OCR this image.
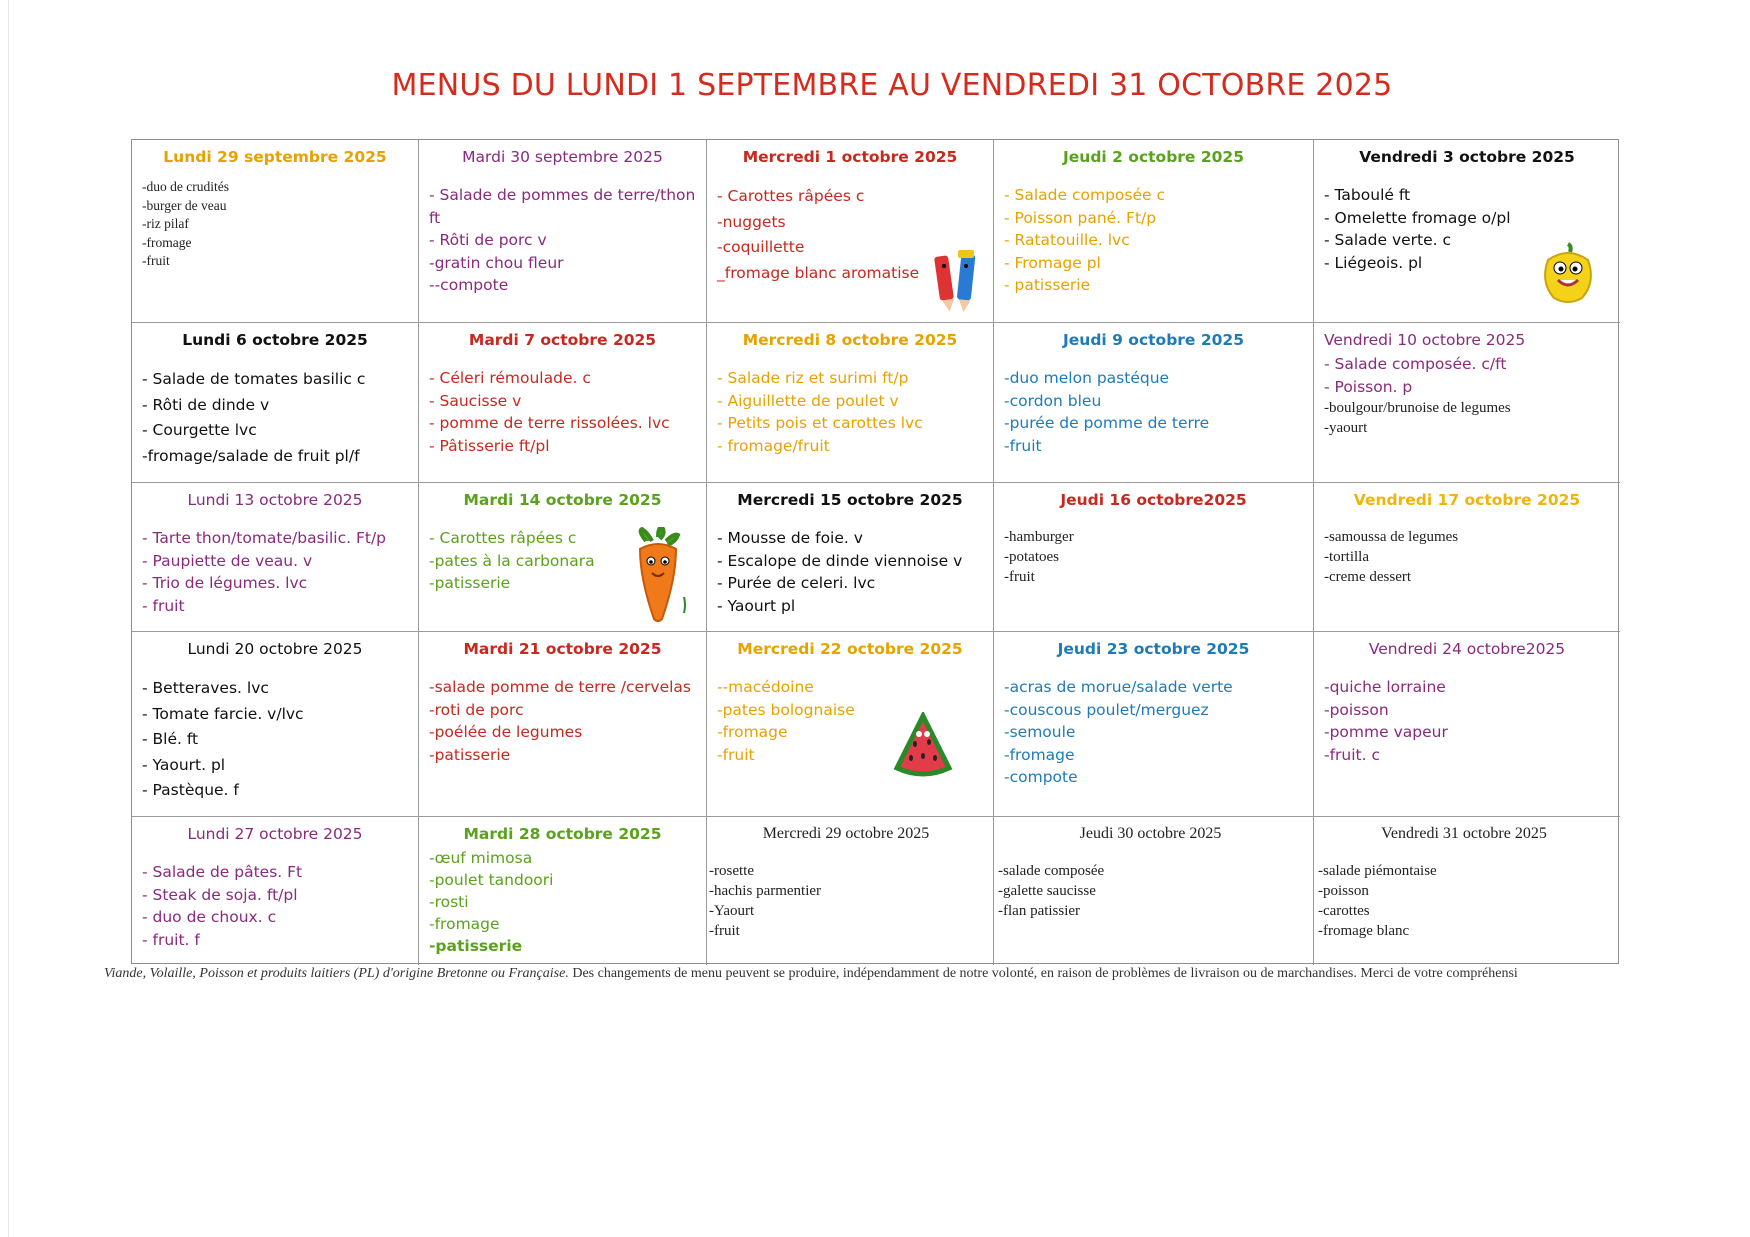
MENUS DU LUNDI 1 SEPTEMBRE AU VENDREDI 31 OCTOBRE 2025
Lundi 29 septembre 2025
-duo de crudités
-burger de veau
-riz pilaf
-fromage
-fruit
Mardi 30 septembre 2025
- Salade de pommes de terre/thon ft
- Rôti de porc v
-gratin chou fleur
--compote
Mercredi 1 octobre 2025
- Carottes râpées c
-nuggets
-coquillette
_fromage blanc aromatise
Jeudi 2 octobre 2025
- Salade composée c
- Poisson pané. Ft/p
- Ratatouille. lvc
- Fromage pl
- patisserie
Vendredi 3 octobre 2025
- Taboulé ft
- Omelette fromage o/pl
- Salade verte. c
- Liégeois. pl
Lundi 6 octobre 2025
- Salade de tomates basilic c
- Rôti de dinde v
- Courgette lvc
-fromage/salade de fruit pl/f
Mardi 7 octobre 2025
- Céleri rémoulade. c
- Saucisse v
- pomme de terre rissolées. lvc
- Pâtisserie ft/pl
Mercredi 8 octobre 2025
- Salade riz et surimi ft/p
- Aiguillette de poulet v
- Petits pois et carottes lvc
- fromage/fruit
Jeudi 9 octobre 2025
-duo melon pastéque
-cordon bleu
-purée de pomme de terre
-fruit
Vendredi 10 octobre 2025
- Salade composée. c/ft
- Poisson. p
-boulgour/brunoise de legumes
-yaourt
Lundi 13 octobre 2025
- Tarte thon/tomate/basilic. Ft/p
- Paupiette de veau. v
- Trio de légumes. lvc
- fruit
Mardi 14 octobre 2025
- Carottes râpées c
-pates à la carbonara
-patisserie
Mercredi 15 octobre 2025
- Mousse de foie. v
- Escalope de dinde viennoise v
- Purée de celeri. lvc
- Yaourt pl
Jeudi 16 octobre2025
-hamburger
-potatoes
-fruit
Vendredi 17 octobre 2025
-samoussa de legumes
-tortilla
-creme dessert
Lundi 20 octobre 2025
- Betteraves. lvc
- Tomate farcie. v/lvc
- Blé. ft
- Yaourt. pl
- Pastèque. f
Mardi 21 octobre 2025
-salade pomme de terre /cervelas
-roti de porc
-poélée de legumes
-patisserie
Mercredi 22 octobre 2025
--macédoine
-pates bolognaise
-fromage
-fruit
Jeudi 23 octobre 2025
-acras de morue/salade verte
-couscous poulet/merguez
-semoule
-fromage
-compote
Vendredi 24 octobre2025
-quiche lorraine
-poisson
-pomme vapeur
-fruit. c
Lundi 27 octobre 2025
- Salade de pâtes. Ft
- Steak de soja. ft/pl
- duo de choux. c
- fruit. f
Mardi 28 octobre 2025
-œuf mimosa
-poulet tandoori
-rosti
-fromage
-patisserie
Mercredi 29 octobre 2025
-rosette
-hachis parmentier
-Yaourt
-fruit
Jeudi 30 octobre 2025
-salade composée
-galette saucisse
-flan patissier
Vendredi 31 octobre 2025
-salade piémontaise
-poisson
-carottes
-fromage blanc
Viande, Volaille, Poisson et produits laitiers (PL) d'origine Bretonne ou Française. Des changements de menu peuvent se produire, indépendamment de notre volonté, en raison de problèmes de livraison ou de marchandises. Merci de votre compréhensi
